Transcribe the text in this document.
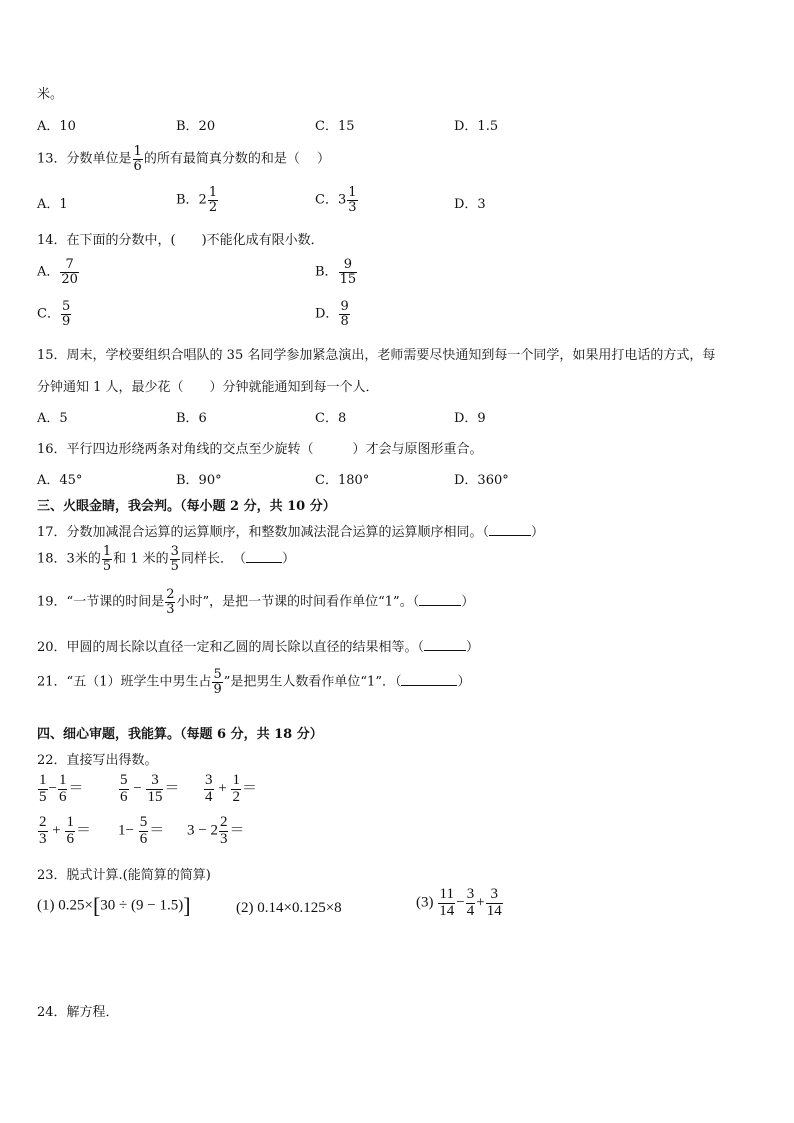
米。
A．10	B．20	C．15	D．1.5
13．分数单位是 $\frac{1}{6}$ 的所有最简真分数的和是（　 ）
A．1	B．$2 \frac{1}{2}$	C．$3 \frac{1}{3}$	D．3
14．在下面的分数中，(　　)不能化成有限小数．
A． $\frac{7}{20}$	B． $\frac{9}{15}$
C． $\frac{5}{9}$	D． $\frac{9}{8}$
15．周末，学校要组织合唱队的 35 名同学参加紧急演出，老师需要尽快通知到每一个同学，如果用打电话的方式，每
分钟通知 1 人，最少花（　　）分钟就能通知到每一个人．
A．5	B．6	C．8	D．9
16．平行四边形绕两条对角线的交点至少旋转（　　　）才会与原图形重合。
A．45°	B．90°	C．180°	D．360°
三、火眼金睛，我会判。（每小题 2 分，共 10 分）
17．分数加减混合运算的运算顺序，和整数加减法混合运算的运算顺序相同。（	）
18．3米的 $\frac{1}{5}$ 和 1 米的 $\frac{3}{5}$ 同样长．　（	）
19．“一节课的时间是 $\frac{2}{3}$ 小时”，是把一节课的时间看作单位“1”。（	）
20．甲圆的周长除以直径一定和乙圆的周长除以直径的结果相等。（	）
21．“五（1）班学生中男生占 $\frac{5}{9}$ ”是把男生人数看作单位“1”．（	）
四、细心审题，我能算。（每题 6 分，共 18 分）
22．直接写出得数。
$\frac{1}{5} - \frac{1}{6} = \frac{5}{6} - \frac{3}{15} = \frac{3}{4} + \frac{1}{2}$ ＝
$\frac{2}{3} + \frac{1}{6} = 1- \frac{5}{6} = 3 - 2 \frac{2}{3}$ ＝
23．脱式计算.(能简算的简算)
(1) 0.25×[30 ÷ (9 − 1.5)]	(2) 0.14×0.125×8	$(3) \frac{11}{14} - \frac{3}{4} + \frac{3}{14}$
24．解方程．
